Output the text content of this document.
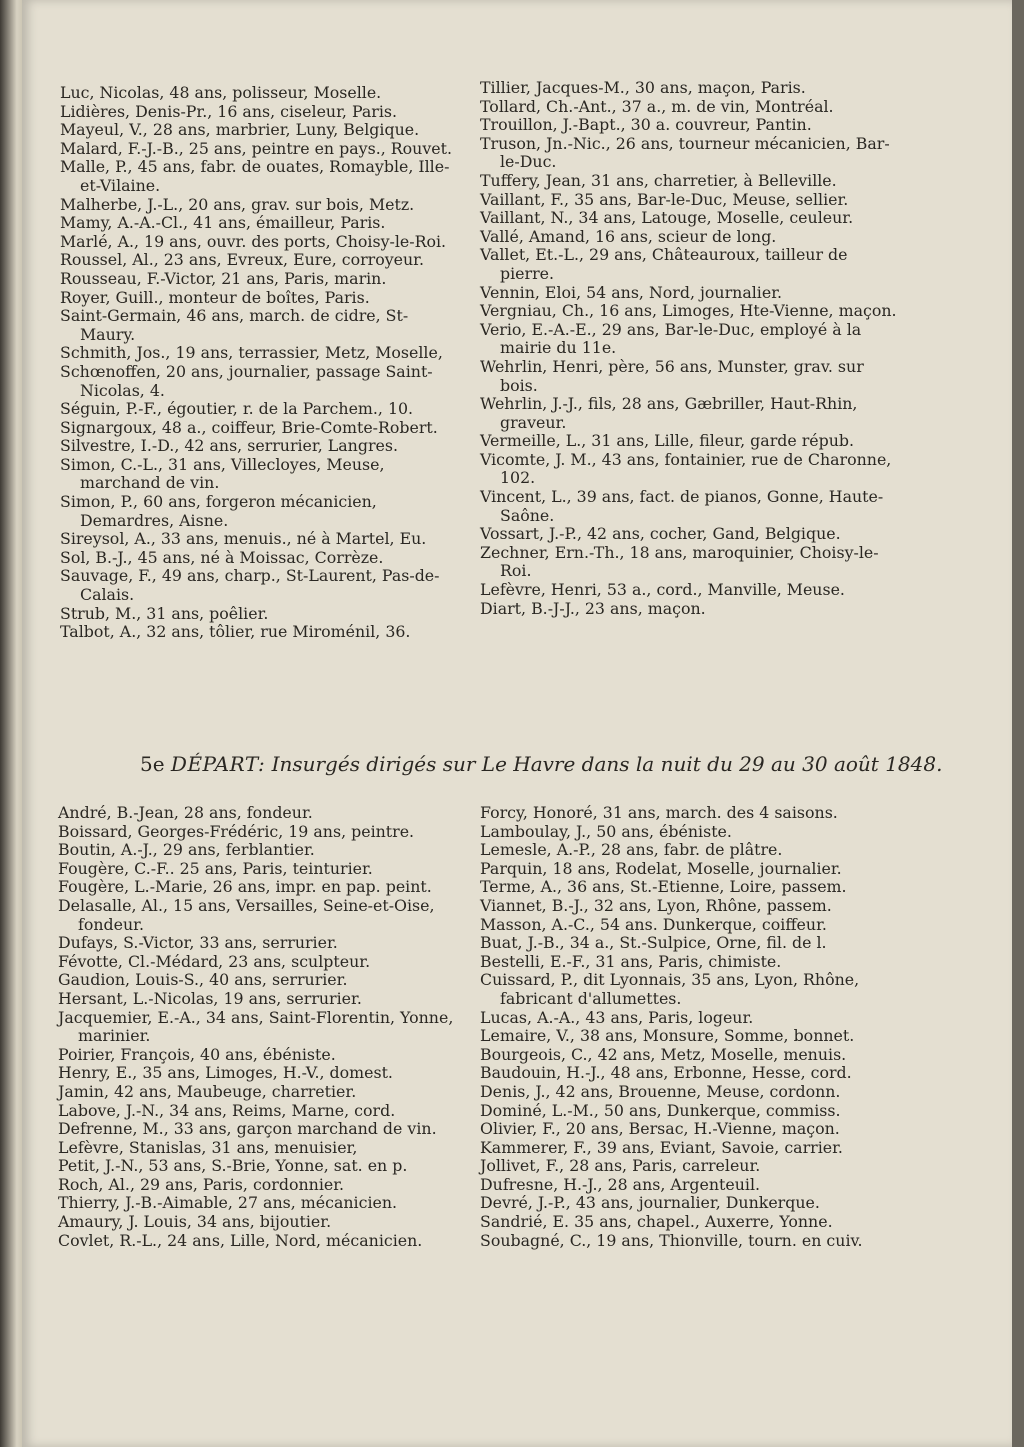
Luc, Nicolas, 48 ans, polisseur, Moselle.
Lidières, Denis-Pr., 16 ans, ciseleur, Paris.
Mayeul, V., 28 ans, marbrier, Luny, Belgique.
Malard, F.-J.-B., 25 ans, peintre en pays., Rouvet.
Malle, P., 45 ans, fabr. de ouates, Romayble, Ille-et-Vilaine.
Malherbe, J.-L., 20 ans, grav. sur bois, Metz.
Mamy, A.-A.-Cl., 41 ans, émailleur, Paris.
Marlé, A., 19 ans, ouvr. des ports, Choisy-le-Roi.
Roussel, Al., 23 ans, Evreux, Eure, corroyeur.
Rousseau, F.-Victor, 21 ans, Paris, marin.
Royer, Guill., monteur de boîtes, Paris.
Saint-Germain, 46 ans, march. de cidre, St-Maury.
Schmith, Jos., 19 ans, terrassier, Metz, Moselle,
Schœnoffen, 20 ans, journalier, passage Saint-Nicolas, 4.
Séguin, P.-F., égoutier, r. de la Parchem., 10.
Signargoux, 48 a., coiffeur, Brie-Comte-Robert.
Silvestre, I.-D., 42 ans, serrurier, Langres.
Simon, C.-L., 31 ans, Villecloyes, Meuse, marchand de vin.
Simon, P., 60 ans, forgeron mécanicien, Demardres, Aisne.
Sireysol, A., 33 ans, menuis., né à Martel, Eu.
Sol, B.-J., 45 ans, né à Moissac, Corrèze.
Sauvage, F., 49 ans, charp., St-Laurent, Pas-de-Calais.
Strub, M., 31 ans, poêlier.
Talbot, A., 32 ans, tôlier, rue Miroménil, 36.
Tillier, Jacques-M., 30 ans, maçon, Paris.
Tollard, Ch.-Ant., 37 a., m. de vin, Montréal.
Trouillon, J.-Bapt., 30 a. couvreur, Pantin.
Truson, Jn.-Nic., 26 ans, tourneur mécanicien, Bar-le-Duc.
Tuffery, Jean, 31 ans, charretier, à Belleville.
Vaillant, F., 35 ans, Bar-le-Duc, Meuse, sellier.
Vaillant, N., 34 ans, Latouge, Moselle, ceuleur.
Vallé, Amand, 16 ans, scieur de long.
Vallet, Et.-L., 29 ans, Châteauroux, tailleur de pierre.
Vennin, Eloi, 54 ans, Nord, journalier.
Vergniau, Ch., 16 ans, Limoges, Hte-Vienne, maçon.
Verio, E.-A.-E., 29 ans, Bar-le-Duc, employé à la mairie du 11e.
Wehrlin, Henri, père, 56 ans, Munster, grav. sur bois.
Wehrlin, J.-J., fils, 28 ans, Gæbriller, Haut-Rhin, graveur.
Vermeille, L., 31 ans, Lille, fileur, garde répub.
Vicomte, J. M., 43 ans, fontainier, rue de Charonne, 102.
Vincent, L., 39 ans, fact. de pianos, Gonne, Haute-Saône.
Vossart, J.-P., 42 ans, cocher, Gand, Belgique.
Zechner, Ern.-Th., 18 ans, maroquinier, Choisy-le-Roi.
Lefèvre, Henri, 53 a., cord., Manville, Meuse.
Diart, B.-J-J., 23 ans, maçon.
5e DÉPART: Insurgés dirigés sur Le Havre dans la nuit du 29 au 30 août 1848.
André, B.-Jean, 28 ans, fondeur.
Boissard, Georges-Frédéric, 19 ans, peintre.
Boutin, A.-J., 29 ans, ferblantier.
Fougère, C.-F.. 25 ans, Paris, teinturier.
Fougère, L.-Marie, 26 ans, impr. en pap. peint.
Delasalle, Al., 15 ans, Versailles, Seine-et-Oise, fondeur.
Dufays, S.-Victor, 33 ans, serrurier.
Févotte, Cl.-Médard, 23 ans, sculpteur.
Gaudion, Louis-S., 40 ans, serrurier.
Hersant, L.-Nicolas, 19 ans, serrurier.
Jacquemier, E.-A., 34 ans, Saint-Florentin, Yonne, marinier.
Poirier, François, 40 ans, ébéniste.
Henry, E., 35 ans, Limoges, H.-V., domest.
Jamin, 42 ans, Maubeuge, charretier.
Labove, J.-N., 34 ans, Reims, Marne, cord.
Defrenne, M., 33 ans, garçon marchand de vin.
Lefèvre, Stanislas, 31 ans, menuisier,
Petit, J.-N., 53 ans, S.-Brie, Yonne, sat. en p.
Roch, Al., 29 ans, Paris, cordonnier.
Thierry, J.-B.-Aimable, 27 ans, mécanicien.
Amaury, J. Louis, 34 ans, bijoutier.
Covlet, R.-L., 24 ans, Lille, Nord, mécanicien.
Forcy, Honoré, 31 ans, march. des 4 saisons.
Lamboulay, J., 50 ans, ébéniste.
Lemesle, A.-P., 28 ans, fabr. de plâtre.
Parquin, 18 ans, Rodelat, Moselle, journalier.
Terme, A., 36 ans, St.-Etienne, Loire, passem.
Viannet, B.-J., 32 ans, Lyon, Rhône, passem.
Masson, A.-C., 54 ans. Dunkerque, coiffeur.
Buat, J.-B., 34 a., St.-Sulpice, Orne, fil. de l.
Bestelli, E.-F., 31 ans, Paris, chimiste.
Cuissard, P., dit Lyonnais, 35 ans, Lyon, Rhône, fabricant d'allumettes.
Lucas, A.-A., 43 ans, Paris, logeur.
Lemaire, V., 38 ans, Monsure, Somme, bonnet.
Bourgeois, C., 42 ans, Metz, Moselle, menuis.
Baudouin, H.-J., 48 ans, Erbonne, Hesse, cord.
Denis, J., 42 ans, Brouenne, Meuse, cordonn.
Dominé, L.-M., 50 ans, Dunkerque, commiss.
Olivier, F., 20 ans, Bersac, H.-Vienne, maçon.
Kammerer, F., 39 ans, Eviant, Savoie, carrier.
Jollivet, F., 28 ans, Paris, carreleur.
Dufresne, H.-J., 28 ans, Argenteuil.
Devré, J.-P., 43 ans, journalier, Dunkerque.
Sandrié, E. 35 ans, chapel., Auxerre, Yonne.
Soubagné, C., 19 ans, Thionville, tourn. en cuiv.
